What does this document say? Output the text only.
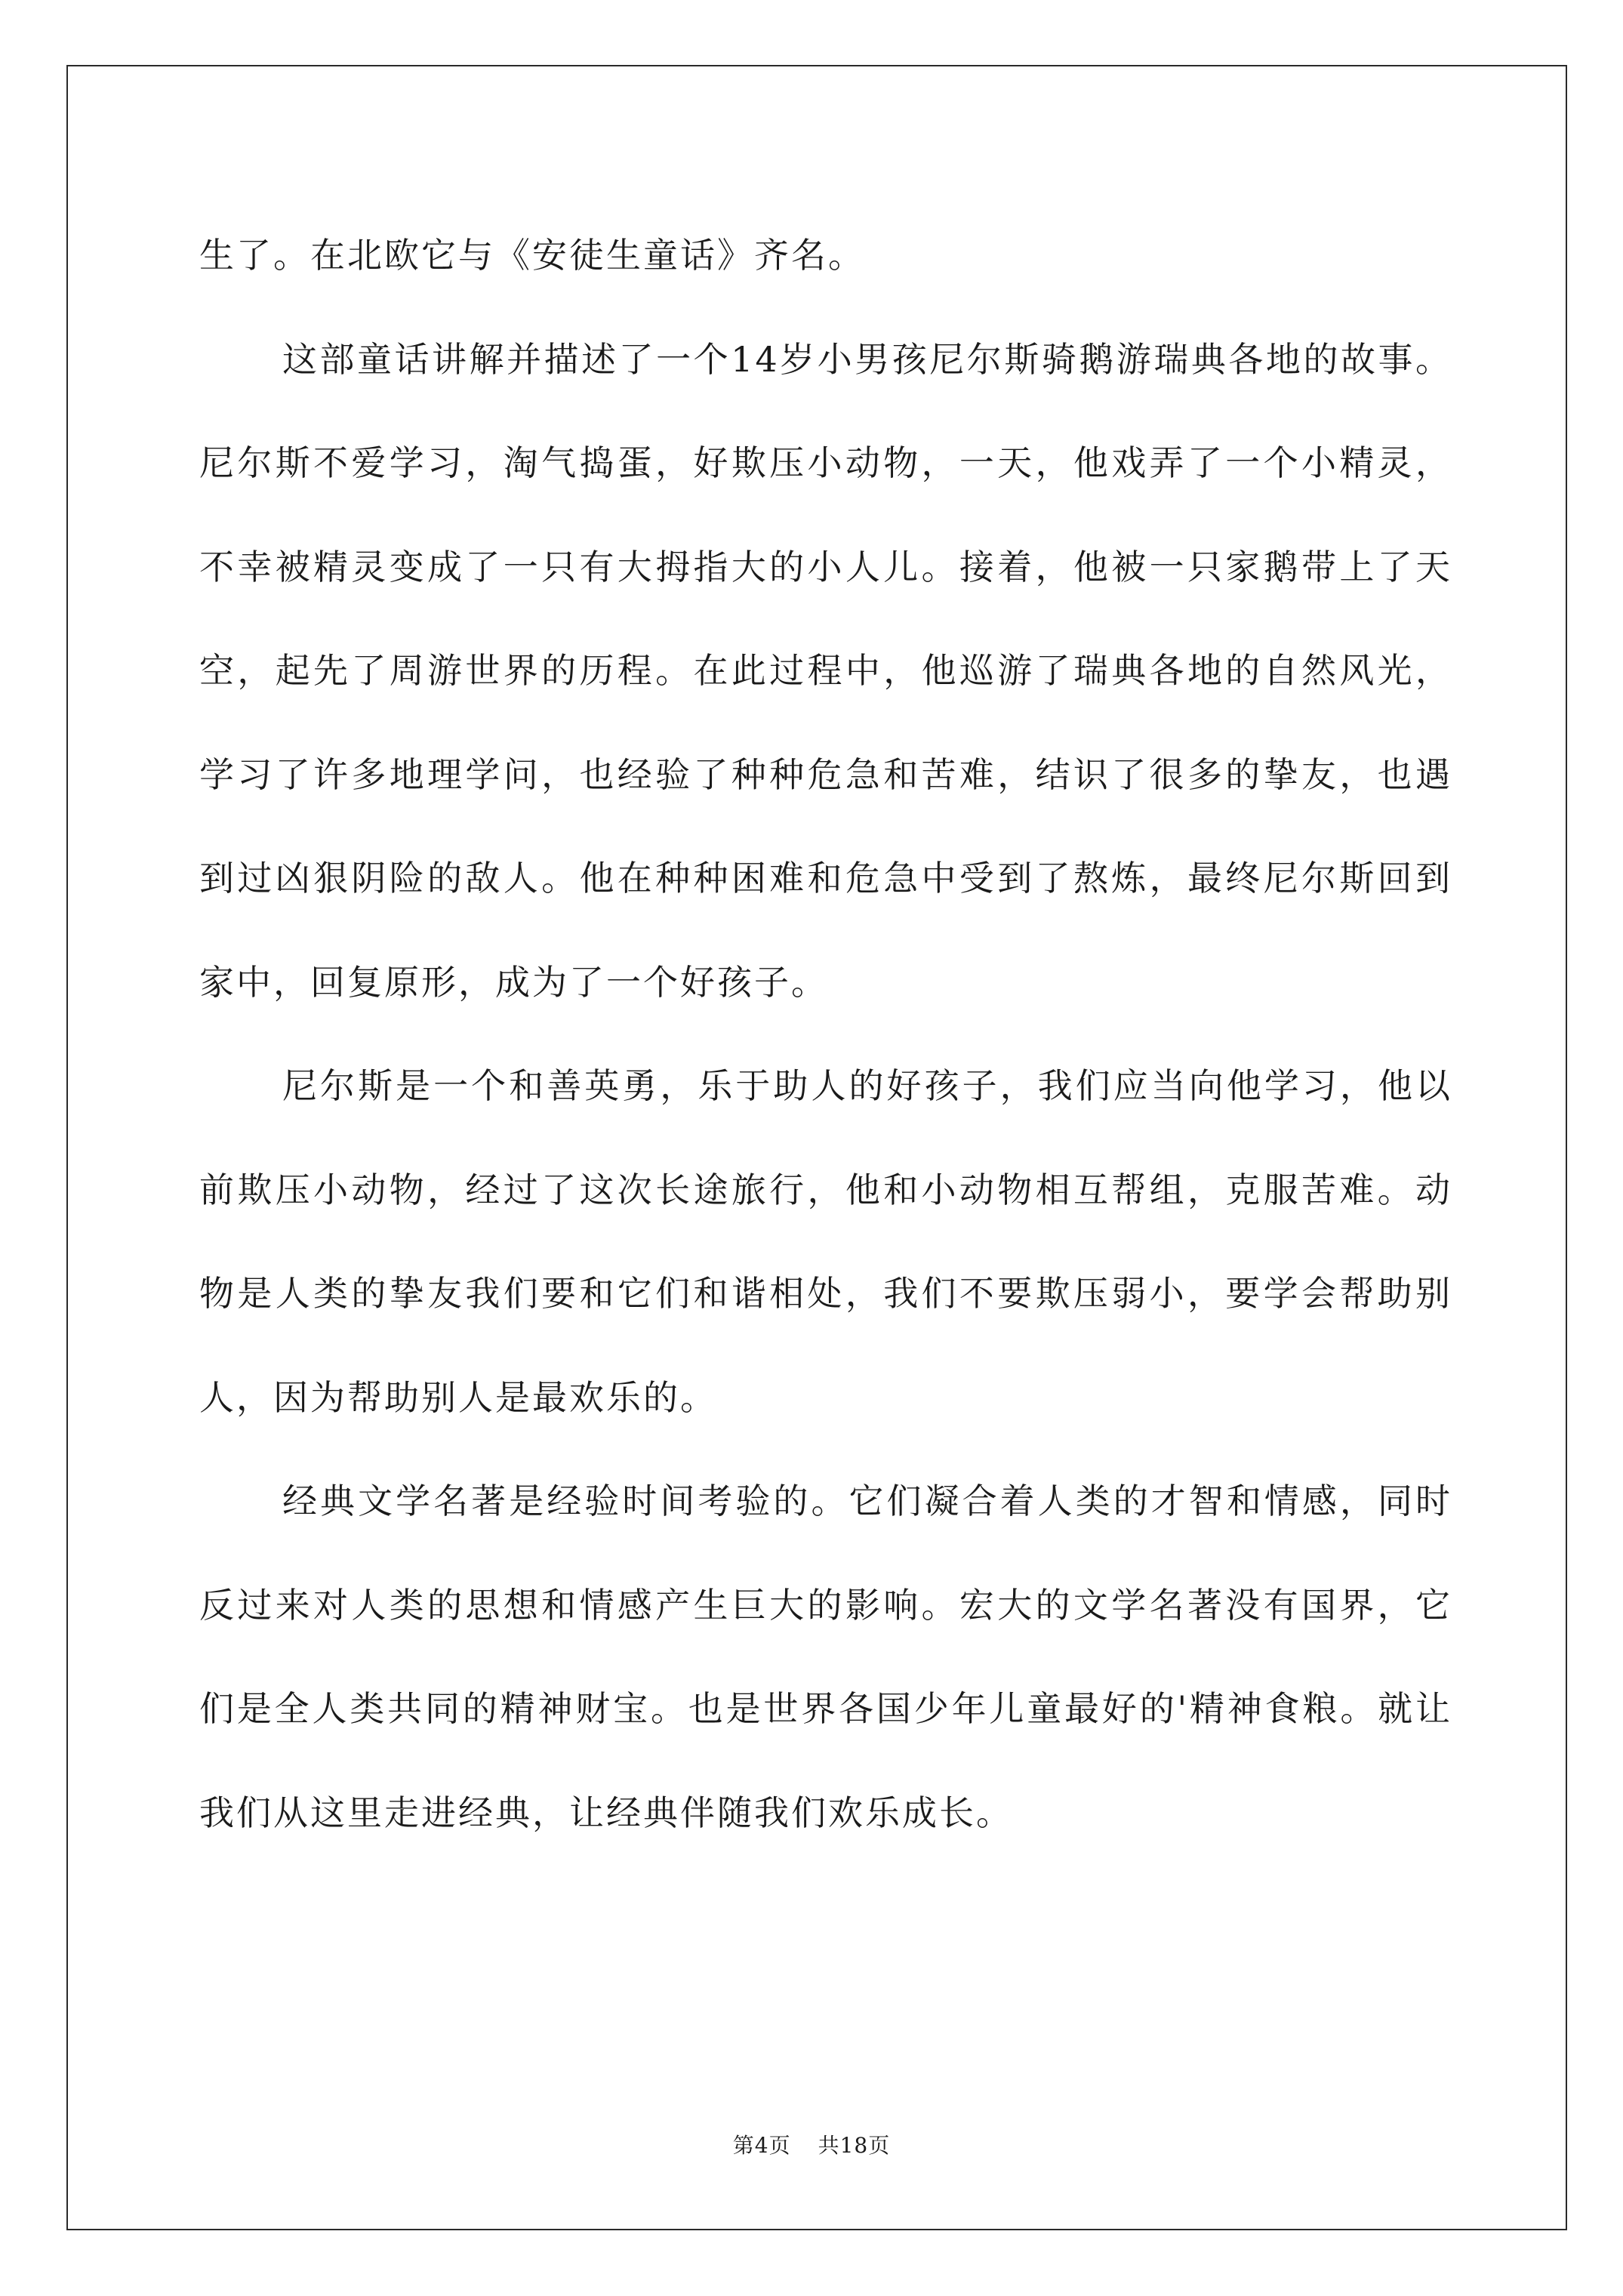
生了。在北欧它与《安徒生童话》齐名。

这部童话讲解并描述了一个14岁小男孩尼尔斯骑鹅游瑞典各地的故事。尼尔斯不爱学习，淘气捣蛋，好欺压小动物，一天，他戏弄了一个小精灵，不幸被精灵变成了一只有大拇指大的小人儿。接着，他被一只家鹅带上了天空，起先了周游世界的历程。在此过程中，他巡游了瑞典各地的自然风光，学习了许多地理学问，也经验了种种危急和苦难，结识了很多的挚友，也遇到过凶狠阴险的敌人。他在种种困难和危急中受到了熬炼，最终尼尔斯回到家中，回复原形，成为了一个好孩子。

尼尔斯是一个和善英勇，乐于助人的好孩子，我们应当向他学习，他以前欺压小动物，经过了这次长途旅行，他和小动物相互帮组，克服苦难。动物是人类的挚友我们要和它们和谐相处，我们不要欺压弱小，要学会帮助别人，因为帮助别人是最欢乐的。

经典文学名著是经验时间考验的。它们凝合着人类的才智和情感，同时反过来对人类的思想和情感产生巨大的影响。宏大的文学名著没有国界，它们是全人类共同的精神财宝。也是世界各国少年儿童最好的'精神食粮。就让我们从这里走进经典，让经典伴随我们欢乐成长。

第4页 共18页
